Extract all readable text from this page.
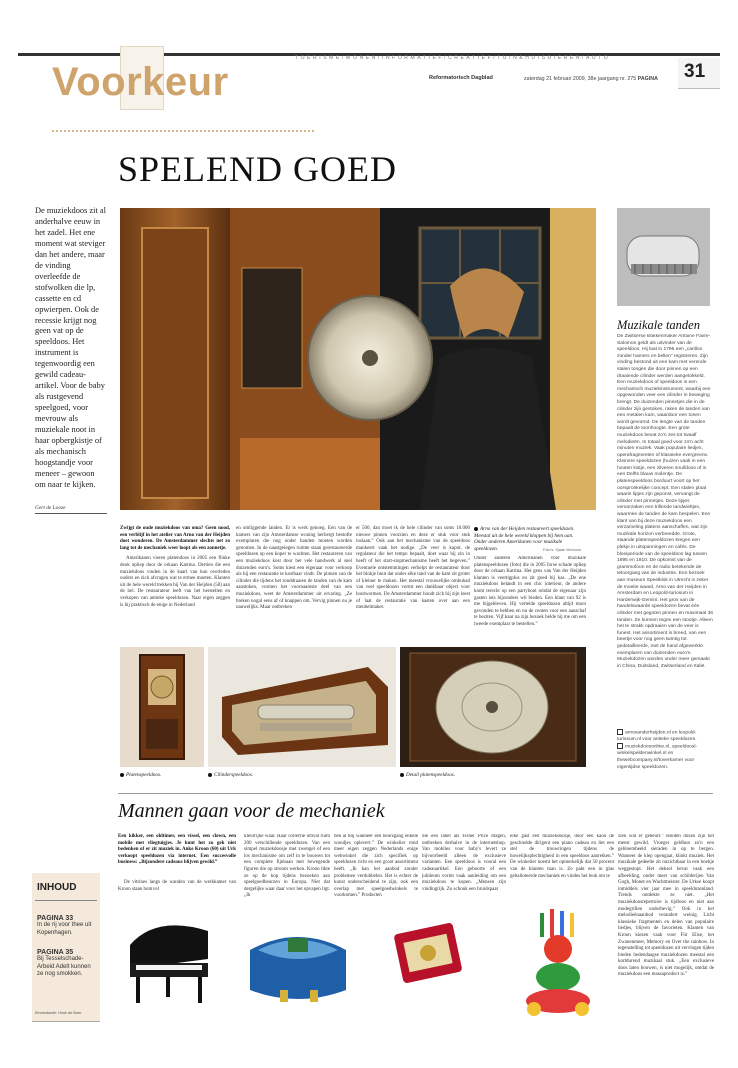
TOERISME/WONEN/INFORMATIEF/CREATIEF/TUIN&HUISDIEREN/AUTO
Voorkeur	Reformatorisch Dagblad	zaterdag 21 februari 2009, 38e jaargang nr. 275 PAGINA 31
SPELEND GOED
De muziekdoos zit al anderhalve eeuw in het zadel. Het ene moment wat steviger dan het andere, maar de vinding overleefde de stofwolken die lp, cassette en cd opwierpen. Ook de recessie krijgt nog geen vat op de speeldoos. Het instrument is tegenwoordig een gewild cadeau-artikel. Voor de baby als rustgevend speelgoed, voor mevrouw als muziekale noot in haar opbergkistje of als mechanisch hoogstandje voor meneer – gewoon om naar te kijken.
Gert de Looze
Arno van der Heijden restaureert speeldozen. Meestal uit de hele wereld kloppen bij hem aan. Onder anderen Amerikanen voor muzikale speeldozen.	Foto's: Sjaak Verboom
Zwijgt de oude muziekdoos van oma? Geen nood, een verblijf in het atelier van Arno van der Heijden doet wonderen. De Amsterdammer slechts net zo lang tot de mechaniek weer loopt als een zonnetje.
Amerikanen vieren platendoos in 2005 een flinke deuk opliep door de orkaan Katrina. Dertien die een muziekdoos vinden in de kaart van hun overleden ouders en zich afvragen wat te ermee moeten. Klanten uit de hele wereld trekken bij Van der Heijden (58) aan de bel. De restaurateur leeft van het herstellen en verkopen van antieke speeldozen. Naar eigen zeggen is hij praktisch de enige in Nederland
en omliggende landen. Er is werk genoeg. Een van de kamers van zijn Amsterdamse woning herbergt bestofte exemplaren die nog onder handen moeten worden genomen. In de naastgelegen ruimte staan gerestaureerde speeldozen op een koper te wachten. Het restaureren van een muziekdoos kost door het vele handwerk al snel duizenden euro's. Soms kiest een eigenaar voor verkoop als hij een restauratie te kostbaar vindt. De pinnen van de cilinder die tijdens het ronddraaien de tanden van de kam aanstoken, vormen het voornaamste deel van een muziekdoos, weet de Amsterdammer uit ervaring. „Ze breken nogal eens af of knappen om. Vervig pinnen nu je nauwelijks. Maar ontbreken
er 500, dan moet ik de hele cilinder van soms 10.000 nieuwe pinnen voorzien en deze er stuk voor stuk inslaan.” Ook aan het mechanisme van de speeldoos mankeert vaak het nodige. „De veer is kapot, de regulateur die het tempo bepaalt, doet waar hij zin in heeft of het start-stopmechanisme heeft het begeven.” Eventuele ontstemmingen verhelpt de restaurateur door het blokje hout dat onder elke tand van de kam zit groter of kleiner te maken. Het meestal vrouwelijke ombuhad van veel speeldozen vormt een dankbaar object voor houtwormen. De Amsterdammer houdt zich bij zijn leest of laat de restauratie van kasten over aan een meubelmaker.
Onder anderen Amerikanen voor muzikale platenspeeldozen (foto) die in 2005 forse schade opliep door de orkaan Katrina. Het geus van Van der Heijden klanten is veertigplus en zit goed bij kas. „De ene muziekdoos belandt in een chic interieur, de andere komt terecht op een partyboot omdat de eigenaar zijn gasten iets bijzonders wil bieden. Een klant van 92 is me bijgebleven. Hij vertelde speeldozen altijd mooi gevonden te hebben en nu de centen voor een aanschaf te beziten. Vijf kaar na zijn bezoek belde hij me om een tweede exemplaar te bestellen.”
Platenspeeldoos.	Cilinderspeeldoos.	Detail platenspeeldoos.
Muzikale tanden
De Zwitserse klokkenmaker Antoine Favre-Salomon geldt als uitvinder van de speeldoos. Hij laat in 1796 een „carillon zonder hamers en bellen” registreren. Zijn vinding bestond uit een kam met verende stalen tongen die door pinnen op een draaiende cilinder werden aangetokkeld. Een muziekdoos of speeldoos is een mechanisch muziekinstrument, waarbij een opgewonden veer een cilinder in beweging brengt. De duizenden pinnetjes die in de cilinder zijn gestoken, raken de tanden van een metalen kam, waardoor een tonen wordt gevormd. De lengte van de tanden bepaalt de toonhoogte. Een grote muziekdoos bevat zo'n zes tot twaalf melodieën. In totaal goed voor zo'n acht minuten muziek. Vaak populaire liedjes, operafragmenten of klassieke evergreens. Kleinere speeldozen (huizen vaak in een houten kistje, een zilveren snuifdoos of in een Delfts blauw molentje. De platenspeeldoos borduurt voort op het oorspronkelijke concept. Een stalen plaat waarin lipjes zijn geponst, vervangt de cilinder met pinnetjes. Deze lipjes veroorzaken een trillende tandwieltjes, waarmee de tanden de kam bespelen. Een klant van bij deze muziekdoos een verzameling platens aanschaffen, wat zijn muzikale horizon verbreedde. Grote, staande platenspeeldozen kregen een plekje in uitspanningen en cafés. De bloeiperiode van de speeldoos lag tussen 1895 en 1910. De opkomst van de grammofoon en de radio betekende de teloorgang van de industrie. Een bezoek aan museum Speelklok in Utrecht is zeker de moeite waard. Arno van der Heijden in Amsterdam en Leopold-turiosum in Harderwijk-Gemini. Het gros van de handelswaarde speeldozen bevat één cilinder met gegoten pinnen en maximaal 36 tanden. Ze kunnen tegen een stootje. Alleen het te strakk opdraaien van de veer is funest. Het assortiment is breed, van een beertje voor nog geen twintig tot gedetailleerde, met de hand afgewerkte exemplaren van duizenden euro's. Muziekdozen worden onder meer gemaakt in China, Duitsland, Zwitserland en Italië.
arnovanderheijden.nl en leopold-turiosum.nl voor antieke speeldozen.
muziekdoosonline.nl, speeldoosl-winkelspeldenwinkel.nl en thewebcompany.nl/toverkamer voor eigentijdse speeldozen.
Mannen gaan voor de mechaniek
Een kikker, een oldtimer, een vissel, een clown, een mobile met vliegtuigjes. Je kunt het zo gek niet bedenken of er zit muziek in. Anke Kroon (60) uit Urk verkoopt speeldozen via internet. Een succesvolle business: „Bijzondere cadeaus blijven gewild.”
De vitrines langs de wanden van de werkkamer van Kroon staan bomvol
kleurrijke waar. Haar collectie omvat ruim 200 verschillende speeldozen. Van een simpel muziekdoosje met zwengel of een los mechanisme om zelf in te bouwen tot een complete fijnbaan met bewegende figuren die op stroom werken. Kroon tikte ze op de kop tijdens bezoeken aan speelgoedbeurzen in Europa. Niet dat dergelijke waar daar voor het opvapen ligt. „Ik
ben al blij wanneer een beursgang enkele wondjes oplevert.” De winkelier rond meer eigen zeggen Nederlands enige webwinkel die zich specifiek op speeldozen richt en een groot assortiment heeft. „Ik kan het aanbod zonder problemen verdubbelen. Het is echter de kunst onderscheidend te zijn, ook een overlap met speelgoedwinkels te voorkomen.” Producten
die een label als Fisher Price dragen, ontbreken derhalve in de internetshop. Van mobiles voor baby's levert ze bijvoorbeeld alleen de exclusieve varianten. Een speeldoos is vooral een cadeauartikel. Een geboorte of een jubileum vormt vaak aanleiding om een muziekdoos te kopen. „Mensen zijn vindingrijk. Zo schonk een bruidspaar
elke gast een muziekdoosje, door een kaou de geschiedde dirigent een piano cadeau en liet een stel de trouwringen tijdens de huwelijksplechtigheid in een speeldoos aanreiken.” De winkelier noemt het opmerkelijk dat 50 procent van de klanten man is. Ze pakt een in glas geballoteerde mechaniek en vindes het leuk om te
zien wat er gebeurt.” Houten dozen zijn het meest gewild. Vroeger geldhun zo'n een gebloembeeld sieraden in op te bergen. Wanneer de klep opengaat, klinkt muziek. Het muzikale gedeelte zit onzichtbaar in een hoekje weggestopt. Het deksel bevat vaak een afbeelding, onder meer van schilderijen Van Gogh, Monet en Wachtmeister. De Urkse koopt inmiddels vier jaar mee in speeldozenland. Trends ontdekte ze niet. „Het muziekdoosrepertoire is tijdloos en niet aan modegrillen onderhevig.” Ook in het melodieënaanbod verandert weinig. Licht klassieke fragmenten en delen van populaire liedjes, blijven de favorieten. Klanten van Kroon kiezen vaak voor Für Elise, het Zwanenmeer, Memory en Over the rainbow. In tegenstelling tot speeldozen uit vervlogen tijden bieden hedendaagse muziekdozen meestal een kortdurend muzikaal stuk. „Een exclusieve doos laten bouwen, is niet mogelijk, omdat de muziekdoos een massaproduct is.”
INHOUD
PAGINA 33
In de rij voor thee uit Kopenhagen.
PAGINA 35
Bij Tesselschade-Arbeid Adelt kunnen ze nog smokken.
Eindredactie: Henk de Boer
